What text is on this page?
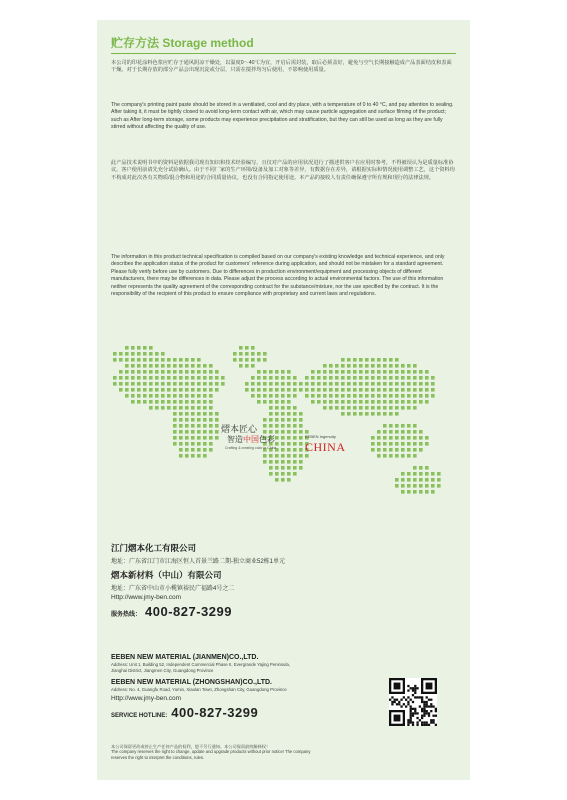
贮存方法 Storage method

本公司的印花涂料色浆应贮存于通风阴凉干燥处，以温度0～40℃为宜，开启后需封装，取后必须盖好，避免与空气长期接触造成产品表面结皮和表面干燥。对于长期存放的部分产品会出现沉淀或分层，只需在搅拌均匀后使用，不影响使用质量。

The company's printing paint paste should be stored in a ventilated, cool and dry place, with a temperature of 0 to 40 °C, and pay attention to sealing. After taking it, it must be tightly closed to avoid long-term contact with air, which may cause particle aggregation and surface filming of the product; such as After long-term storage, some products may experience precipitation and stratification, but they can still be used as long as they are fully stirred without affecting the quality of use.

此产品技术说明书中的资料是依据我司现有知识和技术经验编写，且仅对产品的应用状况进行了描述供客户在应用时参考，不得被误认为是质量标准协议。客户使用前请先充分试验确认。由于不同厂家的生产环境/设备及加工对象等差异，有数据存在差异，请根据实际和情况使用调整工艺，这个资料均不构成对此次各有关物质/混合物和用途的合同质量协议，也没有合同指定使用途。本产品的接收人有责任确保遵守所有规和现行的法律法规。

The information in this product technical specification is compiled based on our company's existing knowledge and technical experience, and only describes the application status of the product for customers' reference during application, and should not be mistaken for a standard agreement. Please fully verify before use by customers. Due to differences in production environment/equipment and processing objects of different manufacturers, there may be differences in data. Please adjust the process according to actual environmental factors. The use of this information neither represents the quality agreement of the corresponding contract for the substance/mixture, nor the use specified by the contract. It is the responsibility of the recipient of this product to ensure compliance with proprietary and current laws and regulations.

熠本匠心
智造中国色彩
Crafting & creating color in China
EEBEN Ingenuity
CHINA
江门熠本化工有限公司
地址：广东省江门市江海区恒人首景兰路二期-独立商业52栋1单元
熠本新材料（中山）有限公司
地址：广东省中山市小榄镇裕民广福路4号之二
Http://www.jmy-ben.com
服务热线： 400-827-3299
EEBEN NEW MATERIAL (JIANMEN)CO.,LTD.
Address: Unit 1, Building 52, Independent Commercial Phase II, Evergrande Yajing Peninsula,
Jianghai District, Jiangmen City, Guangdong Province
EEBEN NEW MATERIAL (ZHONGSHAN)CO.,LTD.
Address: No. 4, Guangfu Road, Yumin, Xiaolan Town, Zhongshan City, Guangdong Province
Http://www.jmy-ben.com
SERVICE HOTLINE: 400-827-3299
本公司保留更改或停止生产任何产品的权利，恕不另行通知。本公司保留最终解释权！
The company reserves the right to change, update and upgrade products without prior notice! The company
reserves the right to interpret the conditions, rules.
